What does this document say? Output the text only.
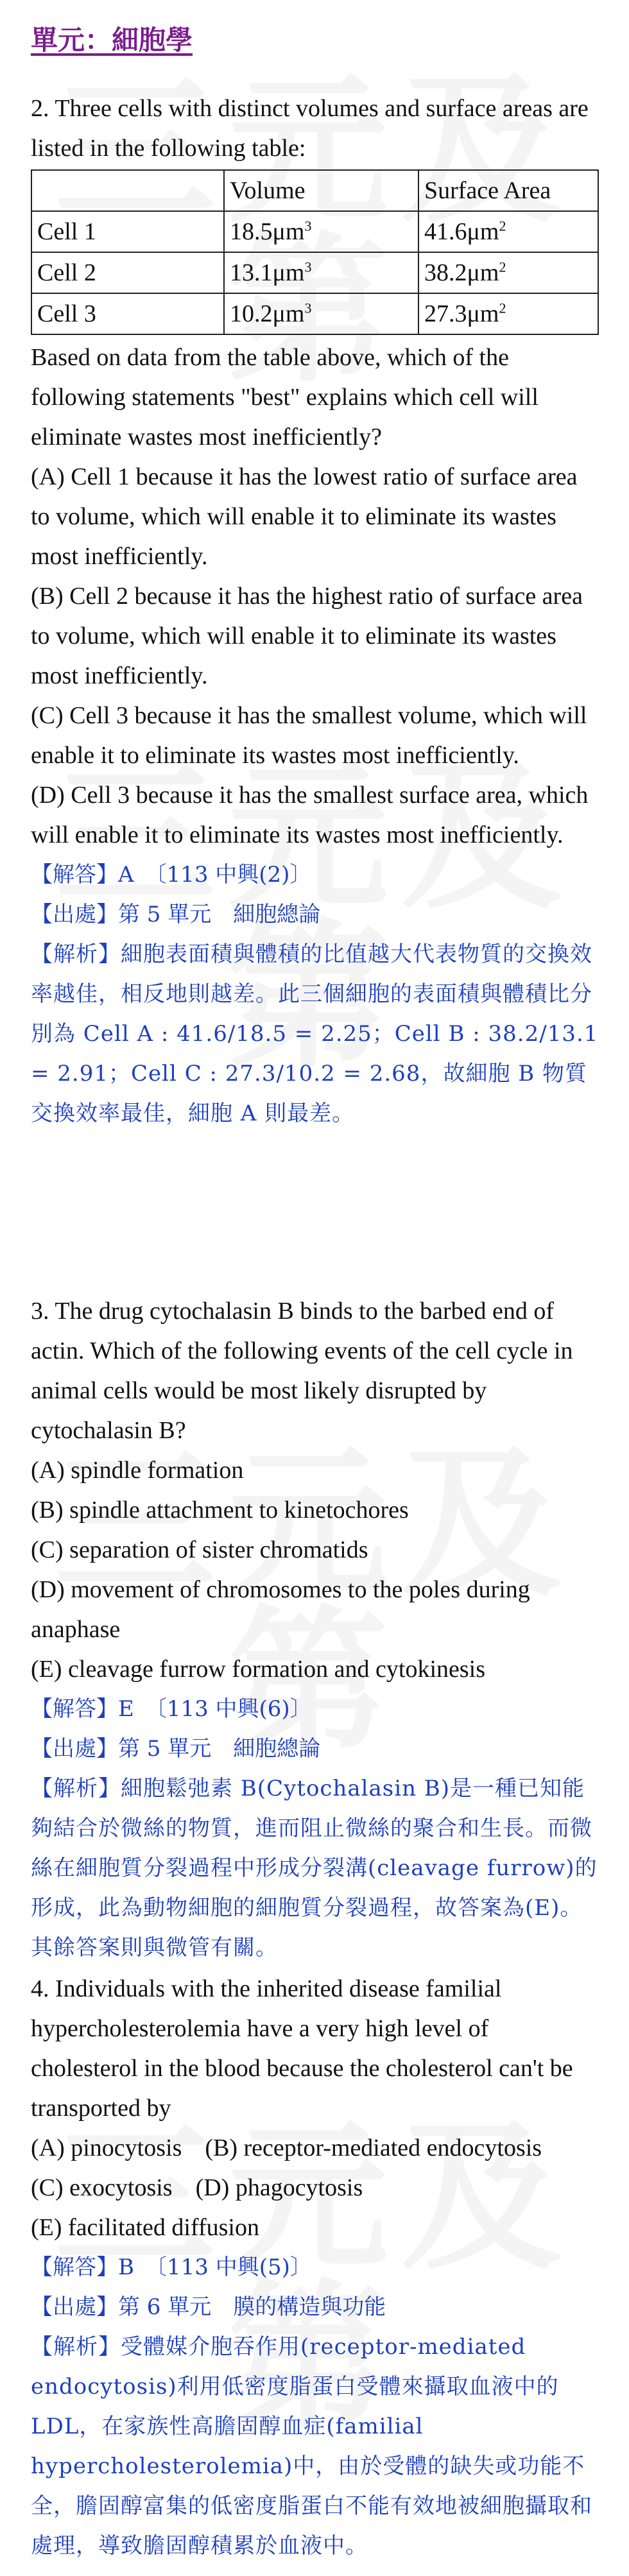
單元：細胞學

2. Three cells with distinct volumes and surface areas are listed in the following table:

	Volume	Surface Area
Cell 1	$18.5\mu m^3$	$41.6\mu m^2$
Cell 2	$13.1\mu m^3$	$38.2\mu m^2$
Cell 3	$10.2\mu m^3$	$27.3\mu m^2$

Based on data from the table above, which of the following statements "best" explains which cell will eliminate wastes most inefficiently?

(A) Cell 1 because it has the lowest ratio of surface area to volume, which will enable it to eliminate its wastes most inefficiently.

(B) Cell 2 because it has the highest ratio of surface area to volume, which will enable it to eliminate its wastes most inefficiently.

(C) Cell 3 because it has the smallest volume, which will enable it to eliminate its wastes most inefficiently.

(D) Cell 3 because it has the smallest surface area, which will enable it to eliminate its wastes most inefficiently.

【解答】A　〔113 中興(2)〕

【出處】第 5 單元　細胞總論

【解析】細胞表面積與體積的比值越大代表物質的交換效率越佳，相反地則越差。此三個細胞的表面積與體積比分別為 Cell A : 41.6/18.5 = 2.25；Cell B : 38.2/13.1 = 2.91；Cell C : 27.3/10.2 = 2.68，故細胞 B 物質交換效率最佳，細胞 A 則最差。

3. The drug cytochalasin B binds to the barbed end of actin. Which of the following events of the cell cycle in animal cells would be most likely disrupted by cytochalasin B?

(A) spindle formation

(B) spindle attachment to kinetochores

(C) separation of sister chromatids

(D) movement of chromosomes to the poles during anaphase

(E) cleavage furrow formation and cytokinesis

【解答】E　〔113 中興(6)〕

【出處】第 5 單元　細胞總論

【解析】細胞鬆弛素 B(Cytochalasin B)是一種已知能夠結合於微絲的物質，進而阻止微絲的聚合和生長。而微絲在細胞質分裂過程中形成分裂溝(cleavage furrow)的形成，此為動物細胞的細胞質分裂過程，故答案為(E)。其餘答案則與微管有關。

4. Individuals with the inherited disease familial hypercholesterolemia have a very high level of cholesterol in the blood because the cholesterol can't be transported by

(A) pinocytosis (B) receptor-mediated endocytosis

(C) exocytosis (D) phagocytosis

(E) facilitated diffusion

【解答】B　〔113 中興(5)〕

【出處】第 6 單元　膜的構造與功能

【解析】受體媒介胞吞作用(receptor-mediated endocytosis)利用低密度脂蛋白受體來攝取血液中的 LDL，在家族性高膽固醇血症(familial hypercholesterolemia)中，由於受體的缺失或功能不全，膽固醇富集的低密度脂蛋白不能有效地被細胞攝取和處理，導致膽固醇積累於血液中。
